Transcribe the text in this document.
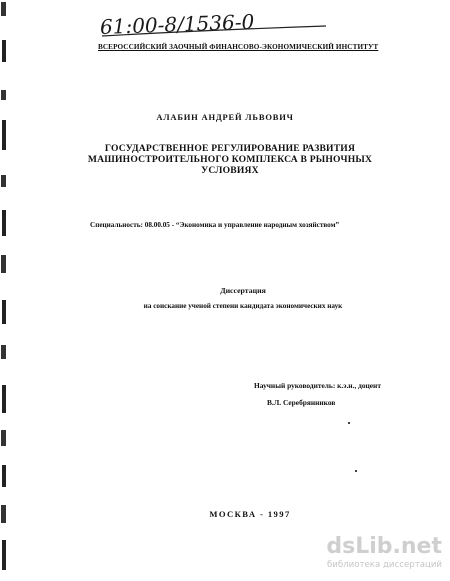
61:00-8/1536-0
ВСЕРОССИЙСКИЙ ЗАОЧНЫЙ ФИНАНСОВО-ЭКОНОМИЧЕСКИЙ ИНСТИТУТ
АЛАБИН АНДРЕЙ ЛЬВОВИЧ
ГОСУДАРСТВЕННОЕ РЕГУЛИРОВАНИЕ РАЗВИТИЯ
МАШИНОСТРОИТЕЛЬНОГО КОМПЛЕКСА В РЫНОЧНЫХ УСЛОВИЯХ
Специальность: 08.00.05 - “Экономика и управление народным хозяйством”
Диссертация
на соискание ученой степени кандидата экономических наук
Научный руководитель: к.э.н., доцент
В.Л. Серебрянников
МОСКВА - 1997
dsLib.net
библиотека диссертаций
